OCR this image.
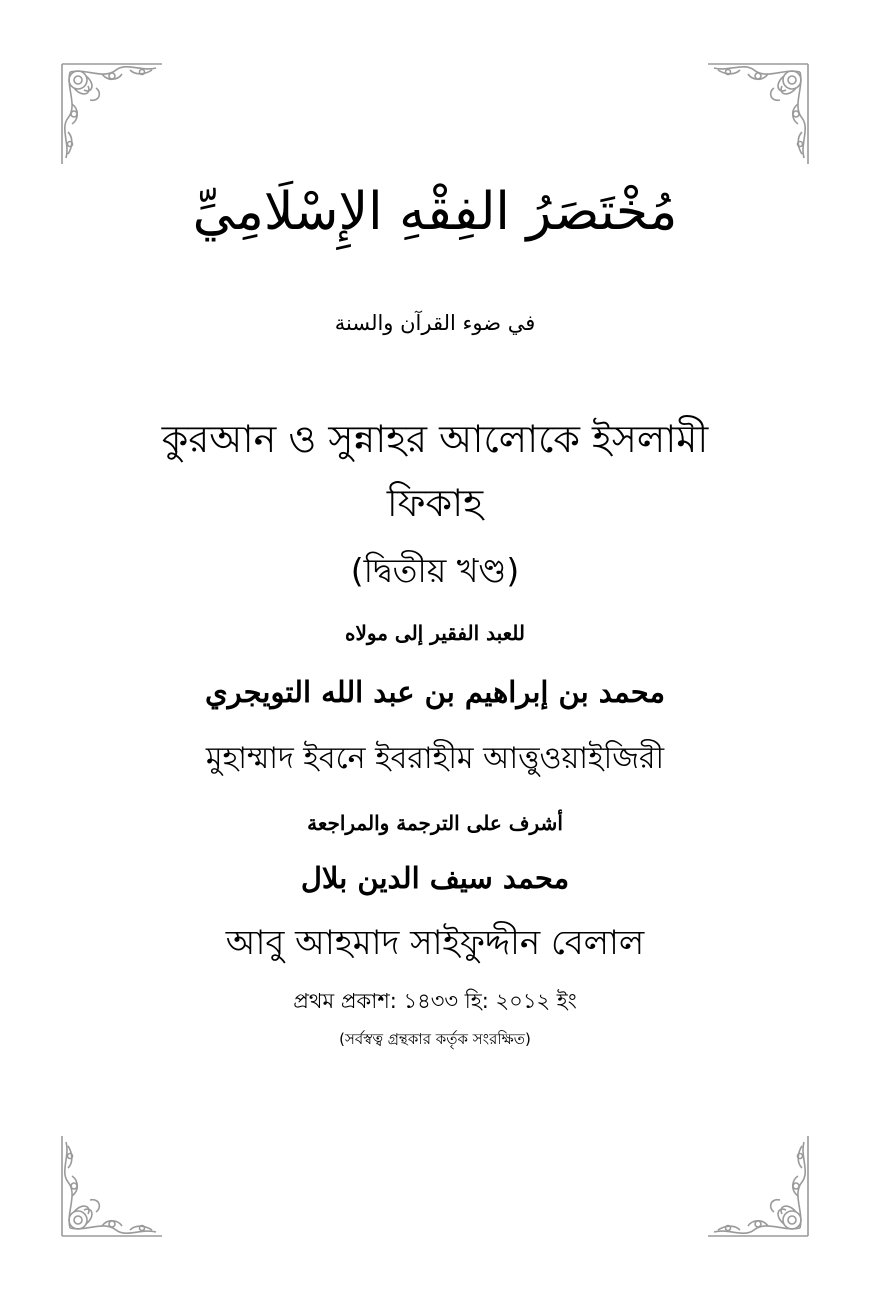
مُخْتَصَرُ الفِقْهِ الإِسْلَامِيِّ
في ضوء القرآن والسنة
কুরআন ও সুন্নাহর আলোকে ইসলামী
ফিকাহ
(দ্বিতীয় খণ্ড)
للعبد الفقير إلى مولاه
محمد بن إبراهيم بن عبد الله التويجري
মুহাম্মাদ ইবনে ইবরাহীম আত্তুওয়াইজিরী
أشرف على الترجمة والمراجعة
محمد سيف الدين بلال
আবু আহমাদ সাইফুদ্দীন বেলাল
প্রথম প্রকাশ: ১৪৩৩ হি: ২০১২ ইং
(সর্বস্বত্ব গ্রন্থকার কর্তৃক সংরক্ষিত)
